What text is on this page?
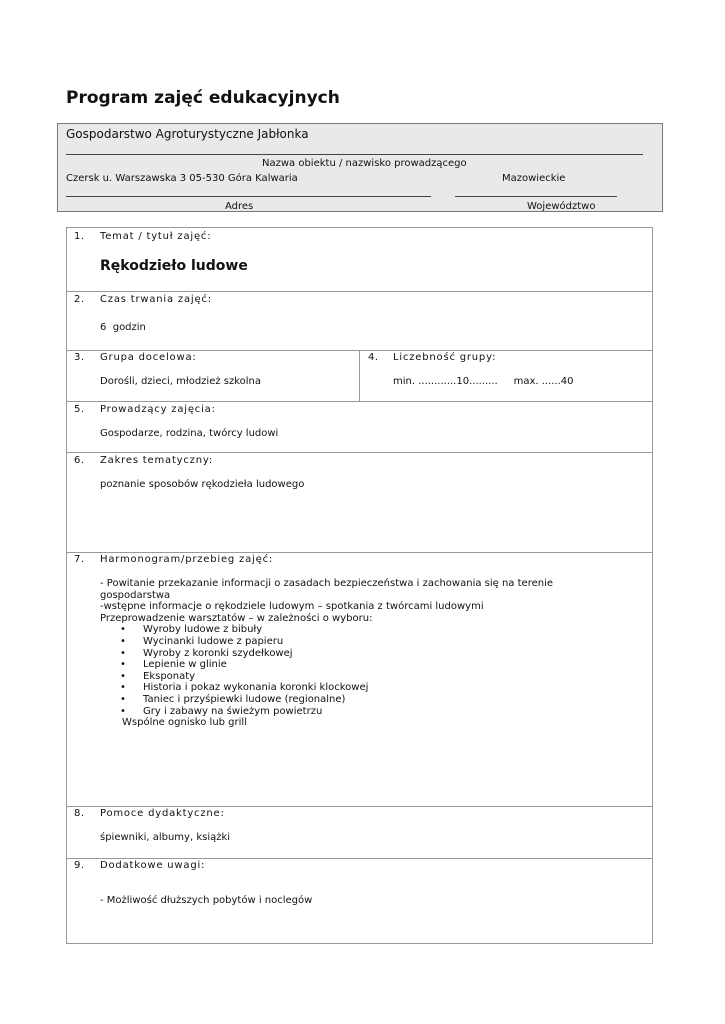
Program zajęć edukacyjnych
Gospodarstwo Agroturystyczne Jabłonka
Nazwa obiektu / nazwisko prowadzącego
Czersk u. Warszawska 3 05-530 Góra Kalwaria	Mazowieckie
Adres	Województwo
1. Temat / tytuł zajęć:
Rękodzieło ludowe
2. Czas trwania zajęć:
6  godzin
3. Grupa docelowa:
Dorośli, dzieci, młodzież szkolna
4. Liczebność grupy:
min. ............10.........     max. ......40
5. Prowadzący zajęcia:
Gospodarze, rodzina, twórcy ludowi
6. Zakres tematyczny:
poznanie sposobów rękodzieła ludowego
7. Harmonogram/przebieg zajęć:
- Powitanie przekazanie informacji o zasadach bezpieczeństwa i zachowania się na terenie
gospodarstwa
-wstępne informacje o rękodziele ludowym – spotkania z twórcami ludowymi
Przeprowadzenie warsztatów – w zależności o wyboru:
• Wyroby ludowe z bibuły
• Wycinanki ludowe z papieru
• Wyroby z koronki szydełkowej
• Lepienie w glinie
• Eksponaty
• Historia i pokaz wykonania koronki klockowej
• Taniec i przyśpiewki ludowe (regionalne)
• Gry i zabawy na świeżym powietrzu
Wspólne ognisko lub grill
8. Pomoce dydaktyczne:
śpiewniki, albumy, książki
9. Dodatkowe uwagi:
- Możliwość dłuższych pobytów i noclegów
